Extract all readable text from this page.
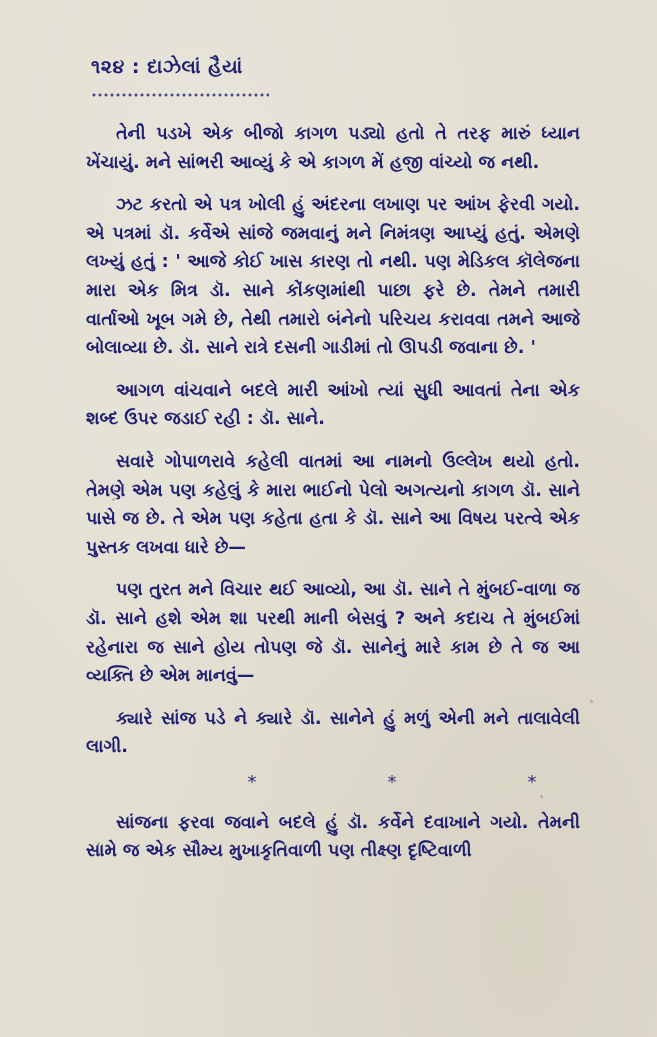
૧૨૪ : દાઝેલાં હૈયાં

તેની પડખે એક બીજો કાગળ પડ્યો હતો તે તરફ મારું ધ્યાન ખેંચાયું. મને સાંભરી આવ્યું કે એ કાગળ મેં હજી વાંચ્યો જ નથી.

ઝટ કરતો એ પત્ર ખોલી હું અંદરના લખાણ પર આંખ ફેરવી ગયો. એ પત્રમાં ડૉ. કર્વેએ સાંજે જમવાનું મને નિમંત્રણ આપ્યું હતું. એમણે લખ્યું હતું : ' આજે કોઈ ખાસ કારણ તો નથી. પણ મેડિકલ કૉલેજના મારા એક મિત્ર ડૉ. સાને કોંકણમાંથી પાછા ફરે છે. તેમને તમારી વાર્તાઓ ખૂબ ગમે છે, તેથી તમારો બંનેનો પરિચય કરાવવા તમને આજે બોલાવ્યા છે. ડૉ. સાને રાત્રે દસની ગાડીમાં તો ઊપડી જવાના છે. '

આગળ વાંચવાને બદલે મારી આંખો ત્યાં સુધી આવતાં તેના એક શબ્દ ઉપર જડાઈ રહી : ડૉ. સાને.

સવારે ગોપાળરાવે કહેલી વાતમાં આ નામનો ઉલ્લેખ થયો હતો. તેમણે એમ પણ કહેલું કે મારા ભાઈનો પેલો અગત્યનો કાગળ ડૉ. સાને પાસે જ છે. તે એમ પણ કહેતા હતા કે ડૉ. સાને આ વિષય પરત્વે એક પુસ્તક લખવા ધારે છે—

પણ તુરત મને વિચાર થઈ આવ્યો, આ ડૉ. સાને તે મુંબઈ-વાળા જ ડૉ. સાને હશે એમ શા પરથી માની બેસવું ? અને કદાચ તે મુંબઈમાં રહેનારા જ સાને હોય તોપણ જે ડૉ. સાનેનું મારે કામ છે તે જ આ વ્યક્તિ છે એમ માનવું—

ક્યારે સાંજ પડે ને ક્યારે ડૉ. સાનેને હું મળું એની મને તાલાવેલી લાગી.

*	*	*

સાંજના ફરવા જવાને બદલે હું ડૉ. કર્વેને દવાખાને ગયો. તેમની સામે જ એક સૌમ્ય મુખાકૃતિવાળી પણ તીક્ષ્ણ દૃષ્ટિવાળી
